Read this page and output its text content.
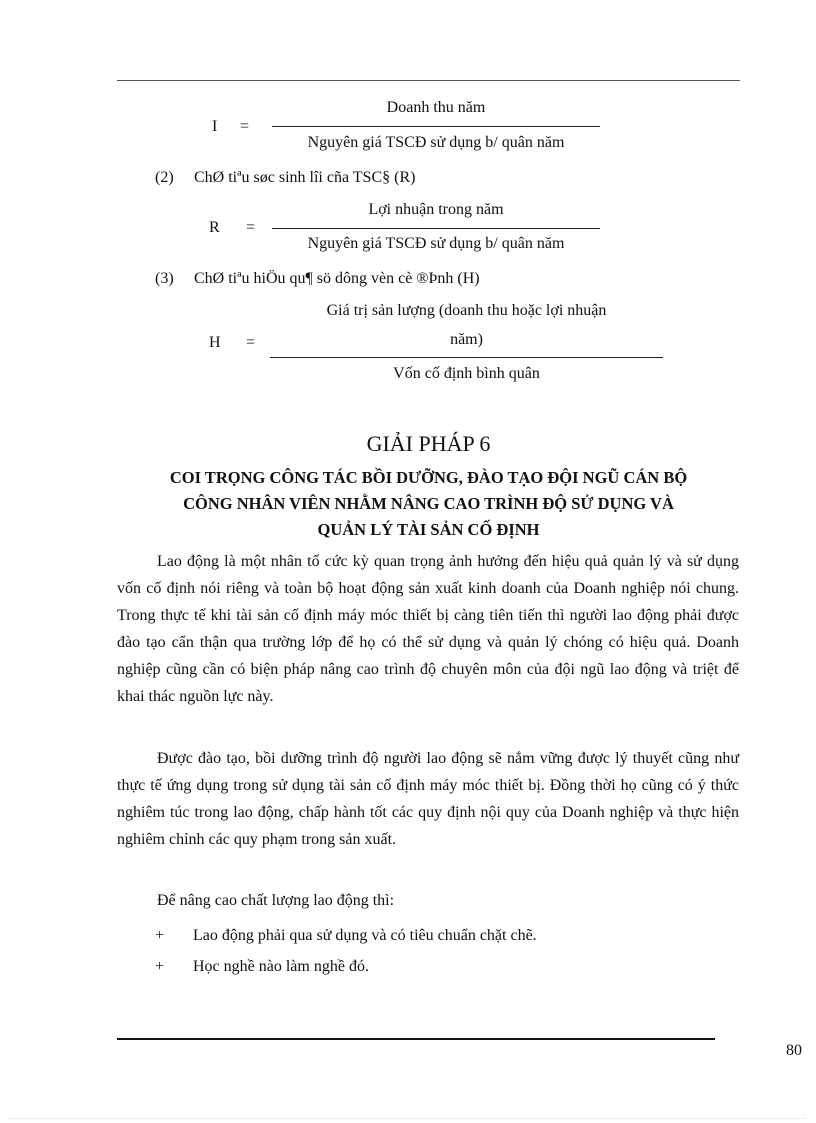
I =
Doanh thu năm
Nguyên giá TSCĐ sử dụng b/ quân năm
(2) ChØ tiªu søc sinh lîi cña TSC§ (R)
R =
Lợi nhuận trong năm
Nguyên giá TSCĐ sử dụng b/ quân năm
(3) ChØ tiªu hiÖu qu¶ sö dông vèn cè ®Þnh (H)
H =
Giá trị sản lượng (doanh thu hoặc lợi nhuận
năm)
Vốn cố định bình quân
GIẢI PHÁP 6
COI TRỌNG CÔNG TÁC BỒI DƯỠNG, ĐÀO TẠO ĐỘI NGŨ CÁN BỘ
CÔNG NHÂN VIÊN NHẰM NÂNG CAO TRÌNH ĐỘ SỬ DỤNG VÀ
QUẢN LÝ TÀI SẢN CỐ ĐỊNH
Lao động là một nhân tố cức kỳ quan trọng ảnh hưởng đến hiệu quả quản lý và sử dụng vốn cố định nói riêng và toàn bộ hoạt động sản xuất kinh doanh của Doanh nghiệp nói chung. Trong thực tế khi tài sản cố định máy móc thiết bị càng tiên tiến thì người lao động phải được đào tạo cẩn thận qua trường lớp để họ có thể sử dụng và quản lý chóng có hiệu quả. Doanh nghiệp cũng cần có biện pháp nâng cao trình độ chuyên môn của đội ngũ lao động và triệt để khai thác nguồn lực này.
Được đào tạo, bồi dưỡng trình độ người lao động sẽ nắm vững được lý thuyết cũng như thực tế ứng dụng trong sử dụng tài sản cố định máy móc thiết bị. Đồng thời họ cũng có ý thức nghiêm túc trong lao động, chấp hành tốt các quy định nội quy của Doanh nghiệp và thực hiện nghiêm chỉnh các quy phạm trong sản xuất.
Để nâng cao chất lượng lao động thì:
+ Lao động phải qua sử dụng và có tiêu chuẩn chặt chẽ.
+ Học nghề nào làm nghề đó.
80
